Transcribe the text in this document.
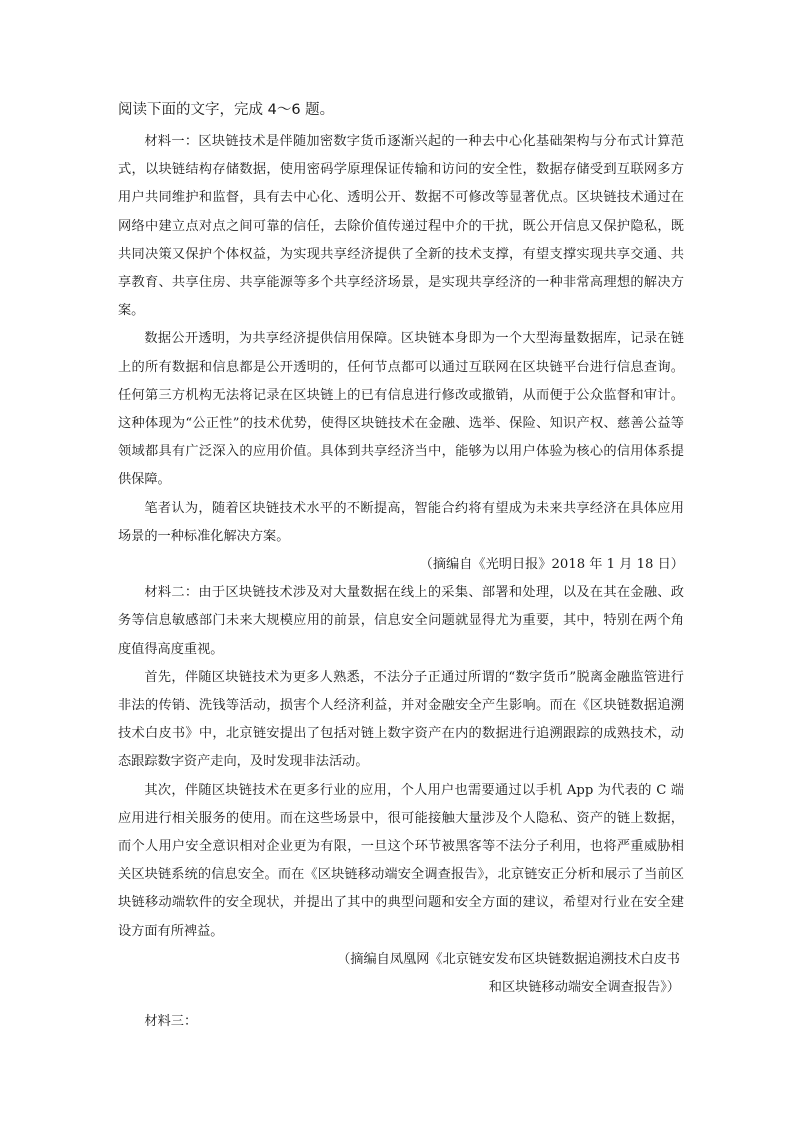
阅读下面的文字，完成 4～6 题。

材料一：区块链技术是伴随加密数字货币逐渐兴起的一种去中心化基础架构与分布式计算范式，以块链结构存储数据，使用密码学原理保证传输和访问的安全性，数据存储受到互联网多方用户共同维护和监督，具有去中心化、透明公开、数据不可修改等显著优点。区块链技术通过在网络中建立点对点之间可靠的信任，去除价值传递过程中介的干扰，既公开信息又保护隐私，既共同决策又保护个体权益，为实现共享经济提供了全新的技术支撑，有望支撑实现共享交通、共享教育、共享住房、共享能源等多个共享经济场景，是实现共享经济的一种非常高理想的解决方案。

数据公开透明，为共享经济提供信用保障。区块链本身即为一个大型海量数据库，记录在链上的所有数据和信息都是公开透明的，任何节点都可以通过互联网在区块链平台进行信息查询。任何第三方机构无法将记录在区块链上的已有信息进行修改或撤销，从而便于公众监督和审计。这种体现为“公正性”的技术优势，使得区块链技术在金融、选举、保险、知识产权、慈善公益等领域都具有广泛深入的应用价值。具体到共享经济当中，能够为以用户体验为核心的信用体系提供保障。

笔者认为，随着区块链技术水平的不断提高，智能合约将有望成为未来共享经济在具体应用场景的一种标准化解决方案。

（摘编自《光明日报》2018 年 1 月 18 日）

材料二：由于区块链技术涉及对大量数据在线上的采集、部署和处理，以及在其在金融、政务等信息敏感部门未来大规模应用的前景，信息安全问题就显得尤为重要，其中，特别在两个角度值得高度重视。

首先，伴随区块链技术为更多人熟悉，不法分子正通过所谓的“数字货币”脱离金融监管进行非法的传销、洗钱等活动，损害个人经济利益，并对金融安全产生影响。而在《区块链数据追溯技术白皮书》中，北京链安提出了包括对链上数字资产在内的数据进行追溯跟踪的成熟技术，动态跟踪数字资产走向，及时发现非法活动。

其次，伴随区块链技术在更多行业的应用，个人用户也需要通过以手机 App 为代表的 C 端应用进行相关服务的使用。而在这些场景中，很可能接触大量涉及个人隐私、资产的链上数据，而个人用户安全意识相对企业更为有限，一旦这个环节被黑客等不法分子利用，也将严重威胁相关区块链系统的信息安全。而在《区块链移动端安全调查报告》，北京链安正分析和展示了当前区块链移动端软件的安全现状，并提出了其中的典型问题和安全方面的建议，希望对行业在安全建设方面有所裨益。

（摘编自凤凰网《北京链安发布区块链数据追溯技术白皮书

和区块链移动端安全调查报告》）

材料三：
